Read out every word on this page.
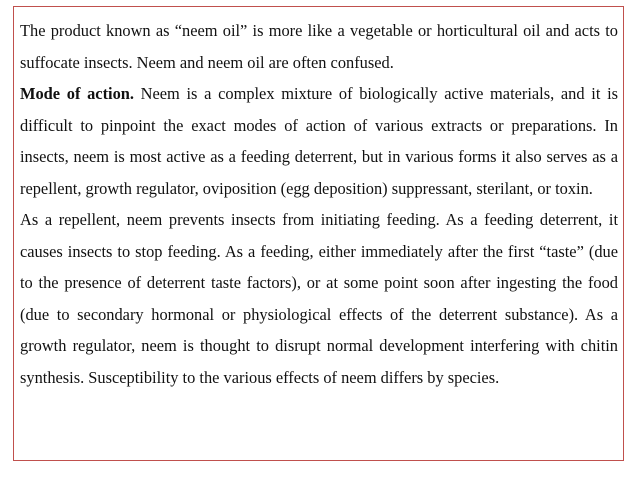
The product known as “neem oil” is more like a vegetable or horticultural oil and acts to suffocate insects. Neem and neem oil are often confused.

Mode of action. Neem is a complex mixture of biologically active materials, and it is difficult to pinpoint the exact modes of action of various extracts or preparations. In insects, neem is most active as a feeding deterrent, but in various forms it also serves as a repellent, growth regulator, oviposition (egg deposition) suppressant, sterilant, or toxin.

As a repellent, neem prevents insects from initiating feeding. As a feeding deterrent, it causes insects to stop feeding. As a feeding, either immediately after the first “taste” (due to the presence of deterrent taste factors), or at some point soon after ingesting the food (due to secondary hormonal or physiological effects of the deterrent substance). As a growth regulator, neem is thought to disrupt normal development interfering with chitin synthesis. Susceptibility to the various effects of neem differs by species.
